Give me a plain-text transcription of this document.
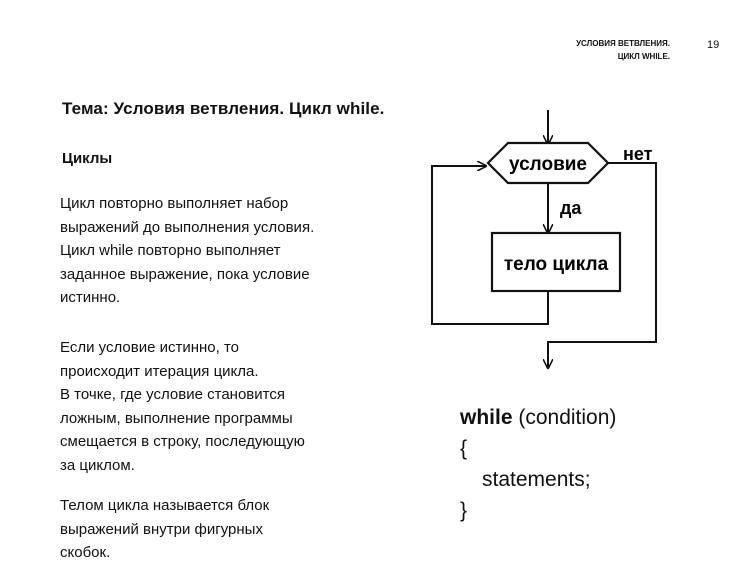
УСЛОВИЯ ВЕТВЛЕНИЯ.
ЦИКЛ WHILE.
19
Тема: Условия ветвления. Цикл while.
Циклы
Цикл повторно выполняет набор
выражений до выполнения условия.
Цикл while повторно выполняет
заданное выражение, пока условие
истинно.
Если условие истинно, то
происходит итерация цикла.
В точке, где условие становится
ложным, выполнение программы
смещается в строку, последующую
за циклом.
Телом цикла называется блок
выражений внутри фигурных
скобок.
условие
да
тело цикла
нет
while (condition)
{
statements;
}
